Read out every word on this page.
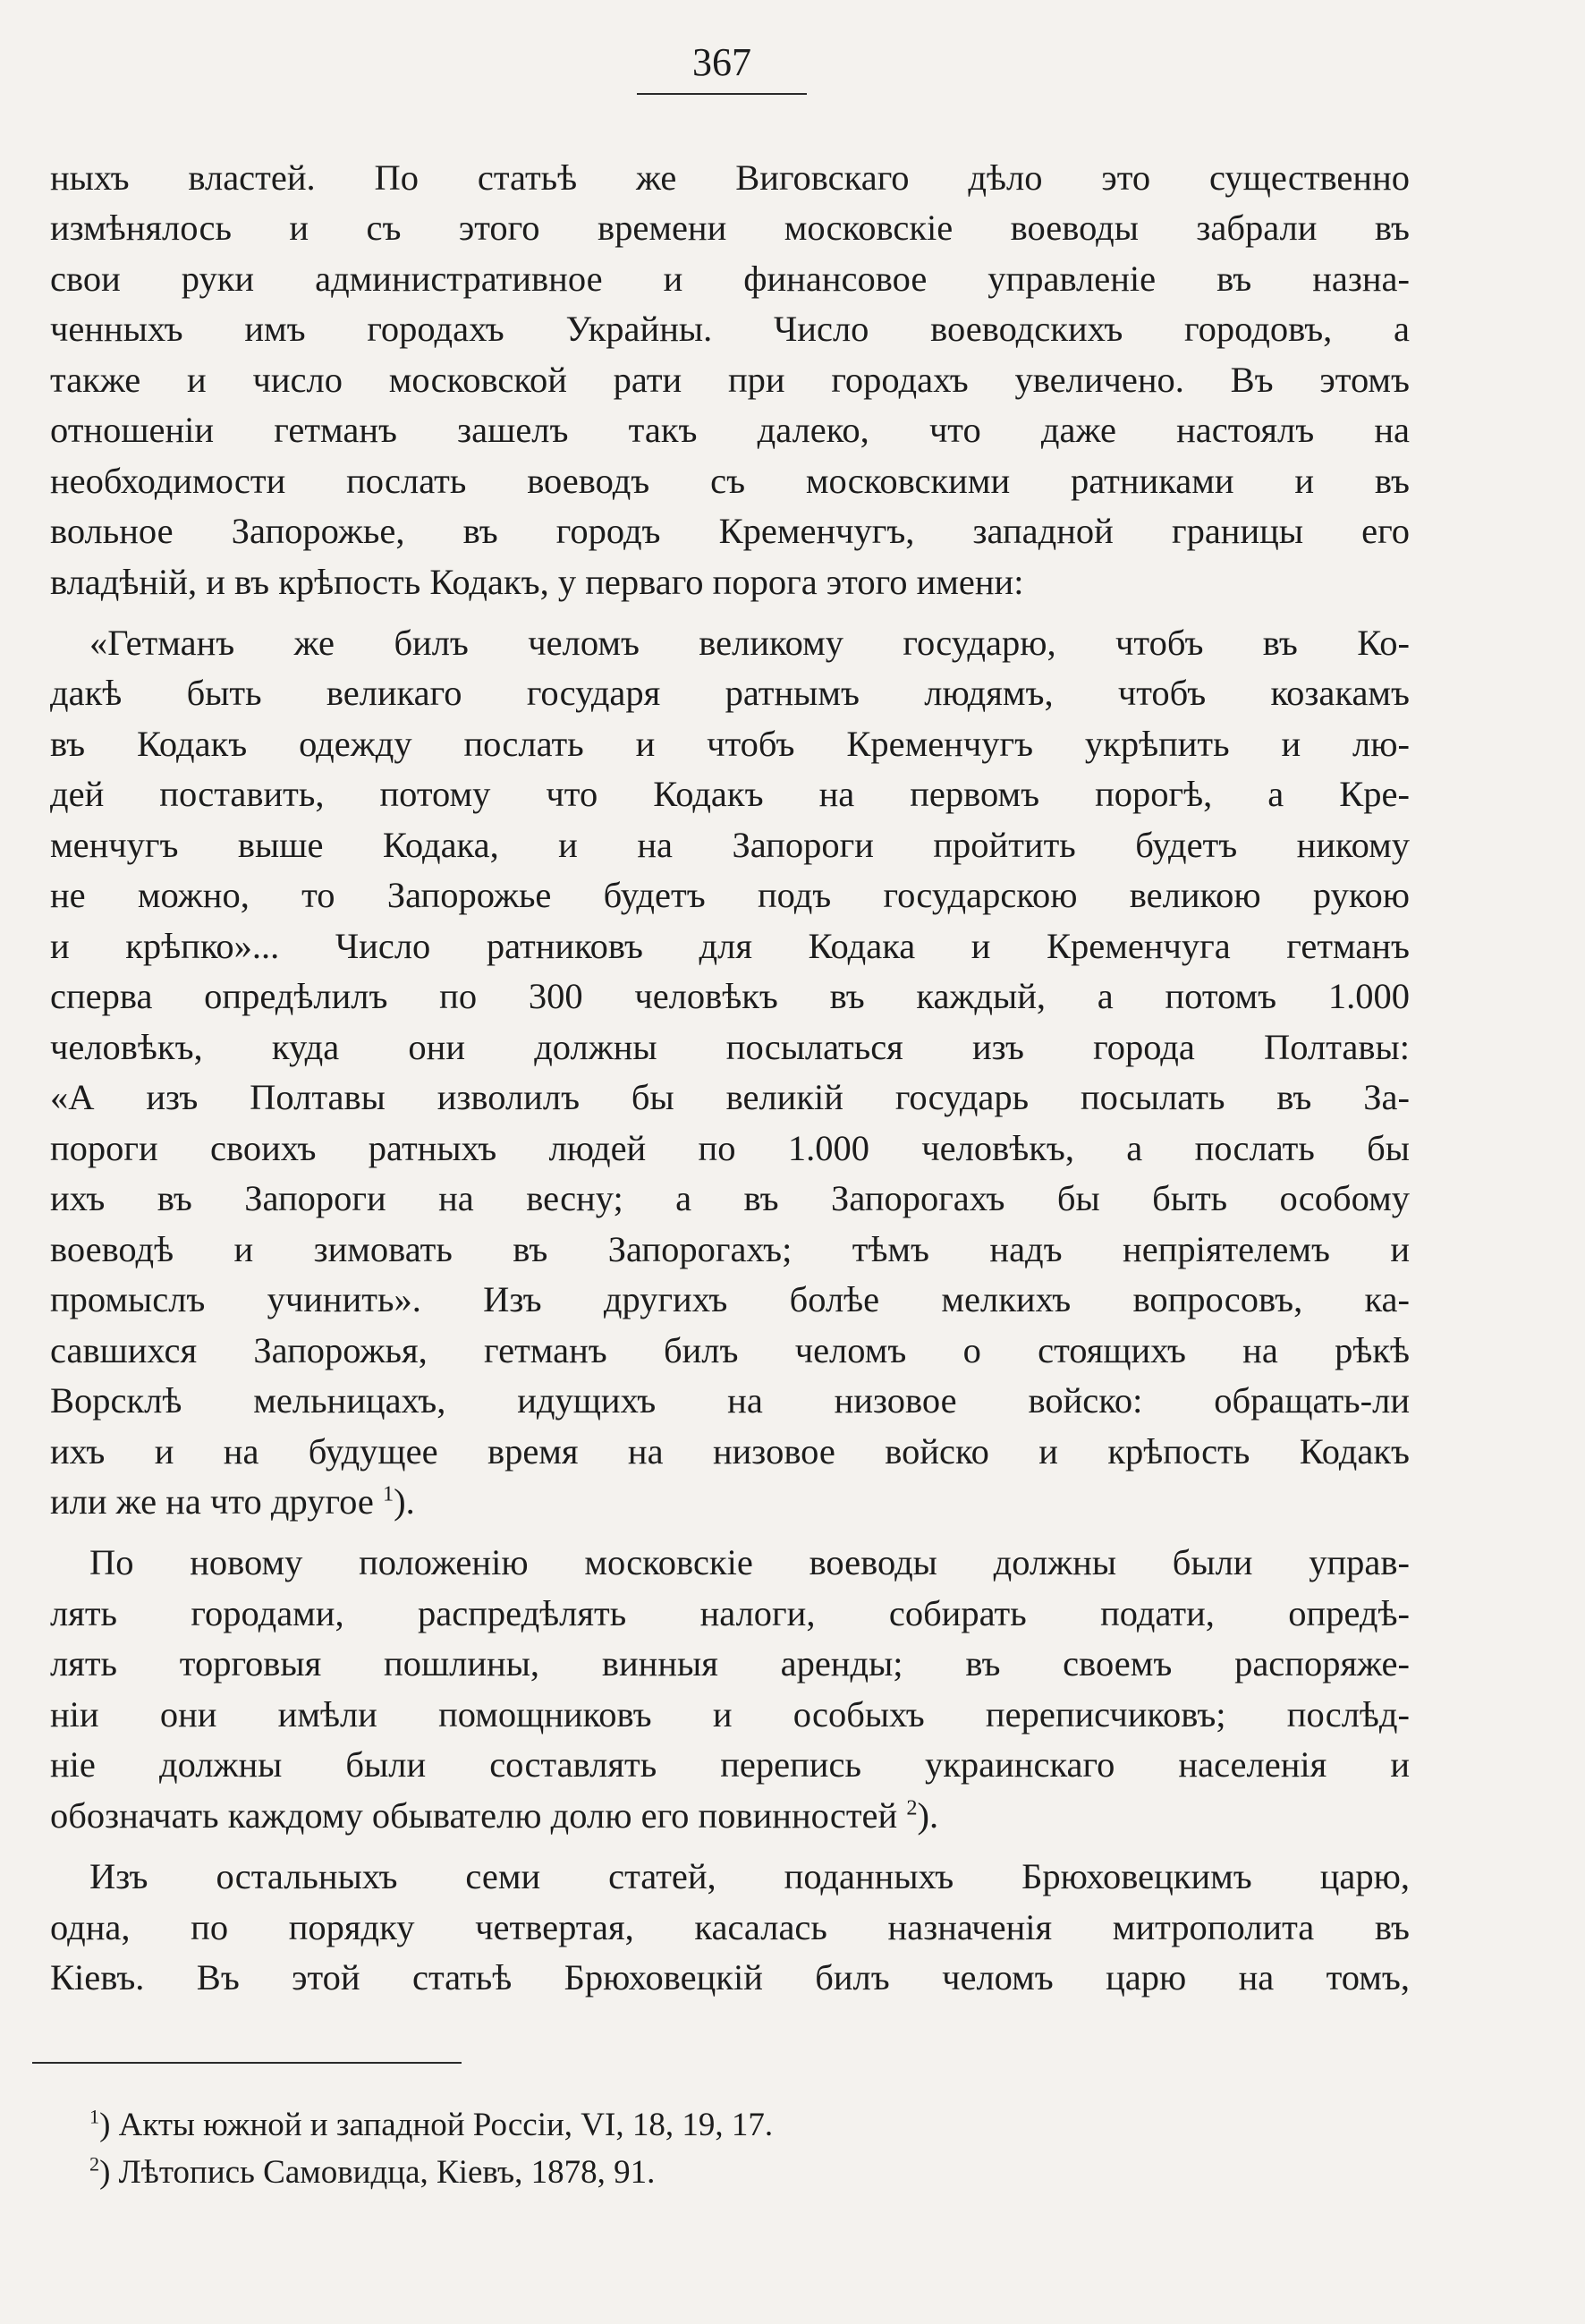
367
ныхъ властей. По статьѣ же Виговскаго дѣло это существенно
измѣнялось и съ этого времени московскіе воеводы забрали въ
свои руки административное и финансовое управленіе въ назна-
ченныхъ имъ городахъ Украйны. Число воеводскихъ городовъ, а
также и число московской рати при городахъ увеличено. Въ этомъ
отношеніи гетманъ зашелъ такъ далеко, что даже настоялъ на
необходимости послать воеводъ съ московскими ратниками и въ
вольное Запорожье, въ городъ Кременчугъ, западной границы его
владѣній, и въ крѣпость Кодакъ, у перваго порога этого имени:
«Гетманъ же билъ челомъ великому государю, чтобъ въ Ко-
дакѣ быть великаго государя ратнымъ людямъ, чтобъ козакамъ
въ Кодакъ одежду послать и чтобъ Кременчугъ укрѣпить и лю-
дей поставить, потому что Кодакъ на первомъ порогѣ, а Кре-
менчугъ выше Кодака, и на Запороги пройтить будетъ никому
не можно, то Запорожье будетъ подъ государскою великою рукою
и крѣпко»... Число ратниковъ для Кодака и Кременчуга гетманъ
сперва опредѣлилъ по 300 человѣкъ въ каждый, а потомъ 1.000
человѣкъ, куда они должны посылаться изъ города Полтавы:
«А изъ Полтавы изволилъ бы великій государь посылать въ За-
пороги своихъ ратныхъ людей по 1.000 человѣкъ, а послать бы
ихъ въ Запороги на весну; а въ Запорогахъ бы быть особому
воеводѣ и зимовать въ Запорогахъ; тѣмъ надъ непріятелемъ и
промыслъ учинить». Изъ другихъ болѣе мелкихъ вопросовъ, ка-
савшихся Запорожья, гетманъ билъ челомъ о стоящихъ на рѣкѣ
Ворсклѣ мельницахъ, идущихъ на низовое войско: обращать-ли
ихъ и на будущее время на низовое войско и крѣпость Кодакъ
или же на что другое $^1$).
По новому положенію московскіе воеводы должны были управ-
лять городами, распредѣлять налоги, собирать подати, опредѣ-
лять торговыя пошлины, винныя аренды; въ своемъ распоряже-
ніи они имѣли помощниковъ и особыхъ переписчиковъ; послѣд-
ніе должны были составлять перепись украинскаго населенія и
обозначать каждому обывателю долю его повинностей $^2$).
Изъ остальныхъ семи статей, поданныхъ Брюховецкимъ царю,
одна, по порядку четвертая, касалась назначенія митрополита въ
Кіевъ. Въ этой статьѣ Брюховецкій билъ челомъ царю на томъ,
$^1$) Акты южной и западной Россіи, VI, 18, 19, 17.
$^2$) Лѣтопись Самовидца, Кіевъ, 1878, 91.
